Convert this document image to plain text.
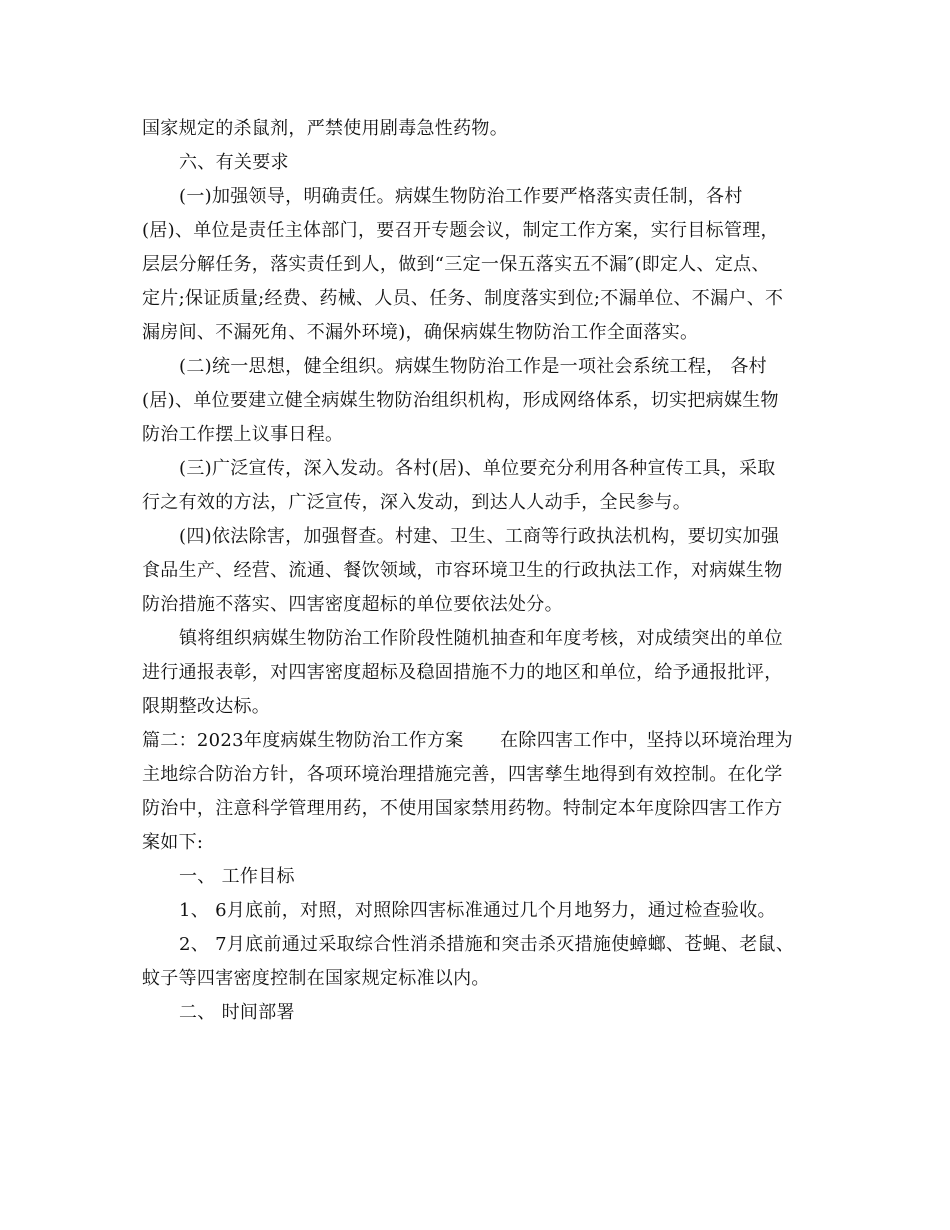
国家规定的杀鼠剂，严禁使用剧毒急性药物。
六、有关要求
(一)加强领导，明确责任。病媒生物防治工作要严格落实责任制，各村
(居)、单位是责任主体部门，要召开专题会议，制定工作方案，实行目标管理，
层层分解任务，落实责任到人，做到“三定一保五落实五不漏″(即定人、定点、
定片;保证质量;经费、药械、人员、任务、制度落实到位;不漏单位、不漏户、不
漏房间、不漏死角、不漏外环境)，确保病媒生物防治工作全面落实。
(二)统一思想，健全组织。病媒生物防治工作是一项社会系统工程， 各村
(居)、单位要建立健全病媒生物防治组织机构，形成网络体系，切实把病媒生物
防治工作摆上议事日程。
(三)广泛宣传，深入发动。各村(居)、单位要充分利用各种宣传工具，采取
行之有效的方法，广泛宣传，深入发动，到达人人动手，全民参与。
(四)依法除害，加强督查。村建、卫生、工商等行政执法机构，要切实加强
食品生产、经营、流通、餐饮领域，市容环境卫生的行政执法工作，对病媒生物
防治措施不落实、四害密度超标的单位要依法处分。
镇将组织病媒生物防治工作阶段性随机抽查和年度考核，对成绩突出的单位
进行通报表彰，对四害密度超标及稳固措施不力的地区和单位，给予通报批评，
限期整改达标。
篇二：2023年度病媒生物防治工作方案　　在除四害工作中，坚持以环境治理为
主地综合防治方针，各项环境治理措施完善，四害孳生地得到有效控制。在化学
防治中，注意科学管理用药，不使用国家禁用药物。特制定本年度除四害工作方
案如下:
一、 工作目标
1、 6月底前，对照，对照除四害标准通过几个月地努力，通过检查验收。
2、 7月底前通过采取综合性消杀措施和突击杀灭措施使蟑螂、苍蝇、老鼠、
蚊子等四害密度控制在国家规定标准以内。
二、 时间部署
